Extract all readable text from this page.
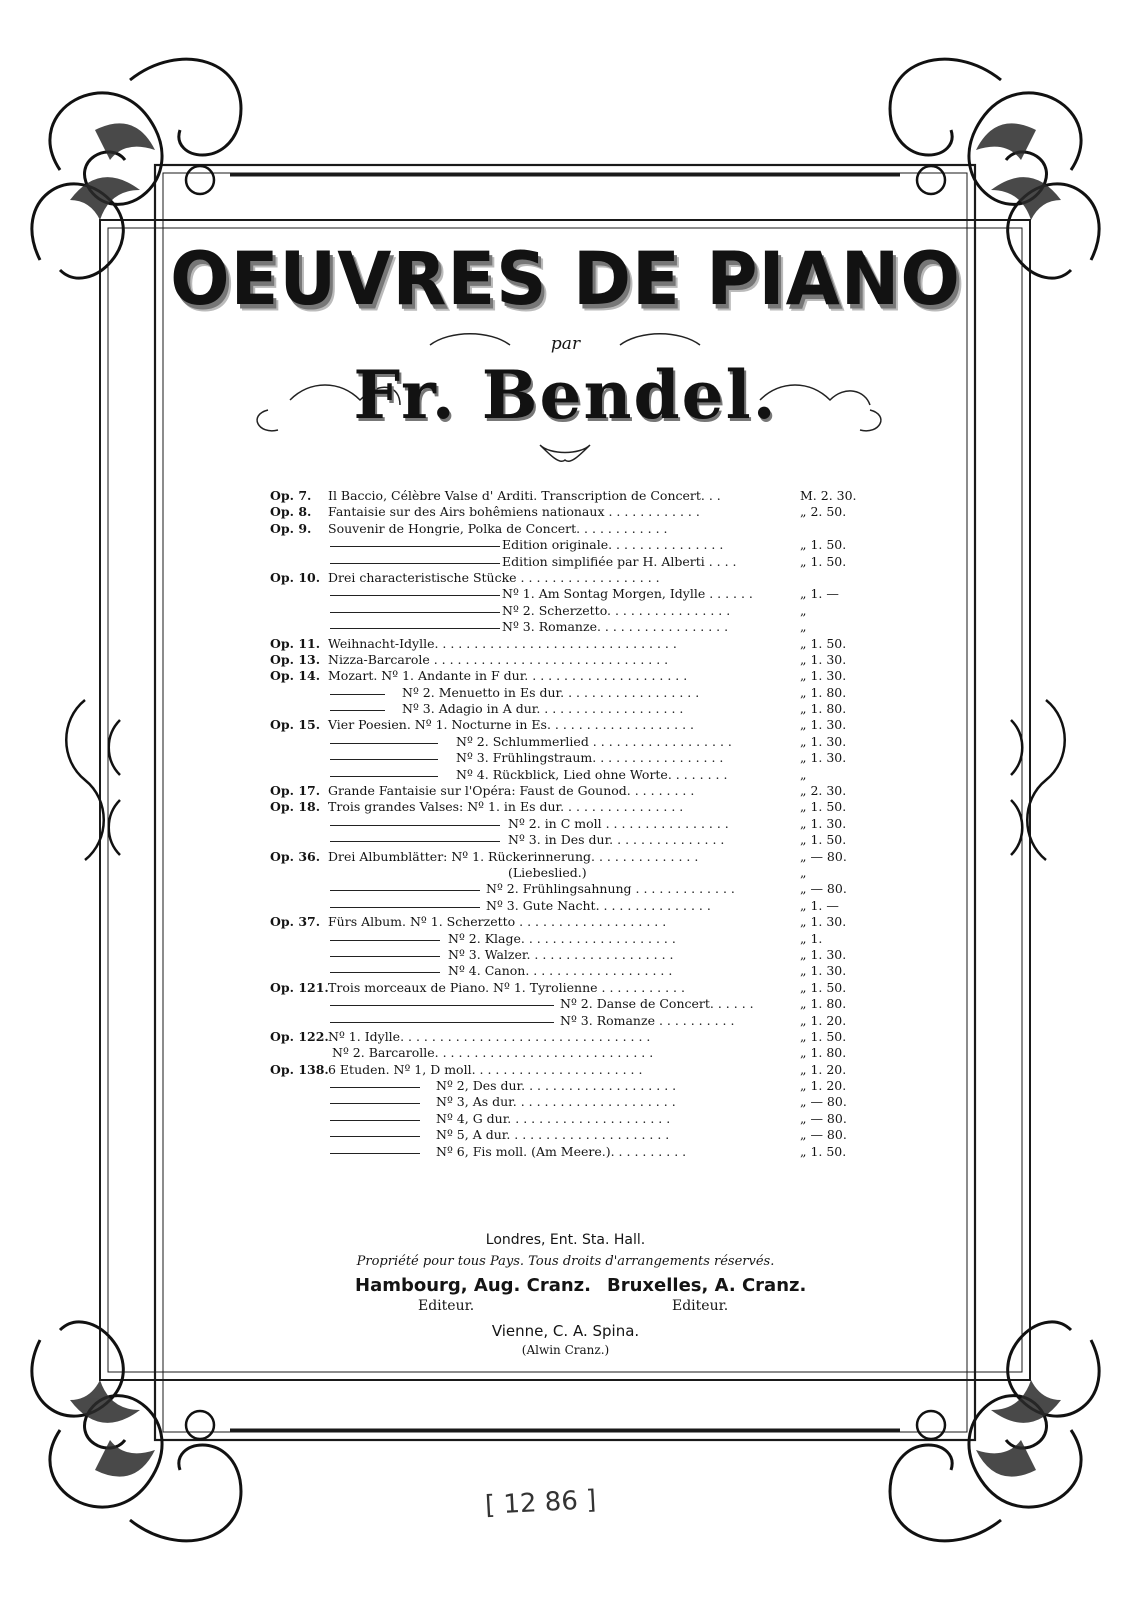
OEUVRES DE PIANO
par
Fr. Bendel.
Op. 7.	Il Baccio, Célèbre Valse d' Arditi. Transcription de Concert. . .	M. 2. 30.
Op. 8.	Fantaisie sur des Airs bohêmiens nationaux . . . . . . . . . . . .	„ 2. 50.
Op. 9.	Souvenir de Hongrie, Polka de Concert. . . . . . . . . . . .
Edition originale. . . . . . . . . . . . . . .	„ 1. 50.
Edition simplifiée par H. Alberti . . . .	„ 1. 50.
Op. 10. Drei characteristische Stücke . . . . . . . . . . . . . . . . . .
Nº 1. Am Sontag Morgen, Idylle . . . . . .	„ 1. —
Nº 2. Scherzetto. . . . . . . . . . . . . . . .	„
Nº 3. Romanze. . . . . . . . . . . . . . . . .	„
Op. 11. Weihnacht-Idylle. . . . . . . . . . . . . . . . . . . . . . . . . . . . . . .	„ 1. 50.
Op. 13. Nizza-Barcarole . . . . . . . . . . . . . . . . . . . . . . . . . . . . . .	„ 1. 30.
Op. 14. Mozart. Nº 1. Andante in F dur. . . . . . . . . . . . . . . . . . . . .	„ 1. 30.
Nº 2. Menuetto in Es dur. . . . . . . . . . . . . . . . . .	„ 1. 80.
Nº 3. Adagio in A dur. . . . . . . . . . . . . . . . . . .	„ 1. 80.
Op. 15. Vier Poesien. Nº 1. Nocturne in Es. . . . . . . . . . . . . . . . . . .	„ 1. 30.
Nº 2. Schlummerlied . . . . . . . . . . . . . . . . . .	„ 1. 30.
Nº 3. Frühlingstraum. . . . . . . . . . . . . . . . .	„ 1. 30.
Nº 4. Rückblick, Lied ohne Worte. . . . . . . .	„
Op. 17. Grande Fantaisie sur l'Opéra: Faust de Gounod. . . . . . . . .	„ 2. 30.
Op. 18. Trois grandes Valses: Nº 1. in Es dur. . . . . . . . . . . . . . . .	„ 1. 50.
Nº 2. in C moll . . . . . . . . . . . . . . . .	„ 1. 30.
Nº 3. in Des dur. . . . . . . . . . . . . . .	„ 1. 50.
Op. 36. Drei Albumblätter: Nº 1. Rückerinnerung. . . . . . . . . . . . . .	„ — 80.
(Liebeslied.)	„
Nº 2. Frühlingsahnung . . . . . . . . . . . . .	„ — 80.
Nº 3. Gute Nacht. . . . . . . . . . . . . . .	„ 1. —
Op. 37. Fürs Album. Nº 1. Scherzetto . . . . . . . . . . . . . . . . . . .	„ 1. 30.
Nº 2. Klage. . . . . . . . . . . . . . . . . . . .	„ 1.
Nº 3. Walzer. . . . . . . . . . . . . . . . . . .	„ 1. 30.
Nº 4. Canon. . . . . . . . . . . . . . . . . . .	„ 1. 30.
Op. 121. Trois morceaux de Piano. Nº 1. Tyrolienne . . . . . . . . . . .	„ 1. 50.
Nº 2. Danse de Concert. . . . . .	„ 1. 80.
Nº 3. Romanze . . . . . . . . . .	„ 1. 20.
Op. 122. Nº 1. Idylle. . . . . . . . . . . . . . . . . . . . . . . . . . . . . . . .	„ 1. 50.
Nº 2. Barcarolle. . . . . . . . . . . . . . . . . . . . . . . . . . . .	„ 1. 80.
Op. 138. 6 Etuden. Nº 1, D moll. . . . . . . . . . . . . . . . . . . . . .	„ 1. 20.
Nº 2, Des dur. . . . . . . . . . . . . . . . . . . .	„ 1. 20.
Nº 3, As dur. . . . . . . . . . . . . . . . . . . . .	„ — 80.
Nº 4, G dur. . . . . . . . . . . . . . . . . . . . .	„ — 80.
Nº 5, A dur. . . . . . . . . . . . . . . . . . . . .	„ — 80.
Nº 6, Fis moll. (Am Meere.). . . . . . . . . .	„ 1. 50.
Londres, Ent. Sta. Hall.
Propriété pour tous Pays. Tous droits d'arrangements réservés.
Hambourg, Aug. Cranz. Bruxelles, A. Cranz.
Editeur.	Editeur.
Vienne, C. A. Spina.
(Alwin Cranz.)
[ 12 86 ]
